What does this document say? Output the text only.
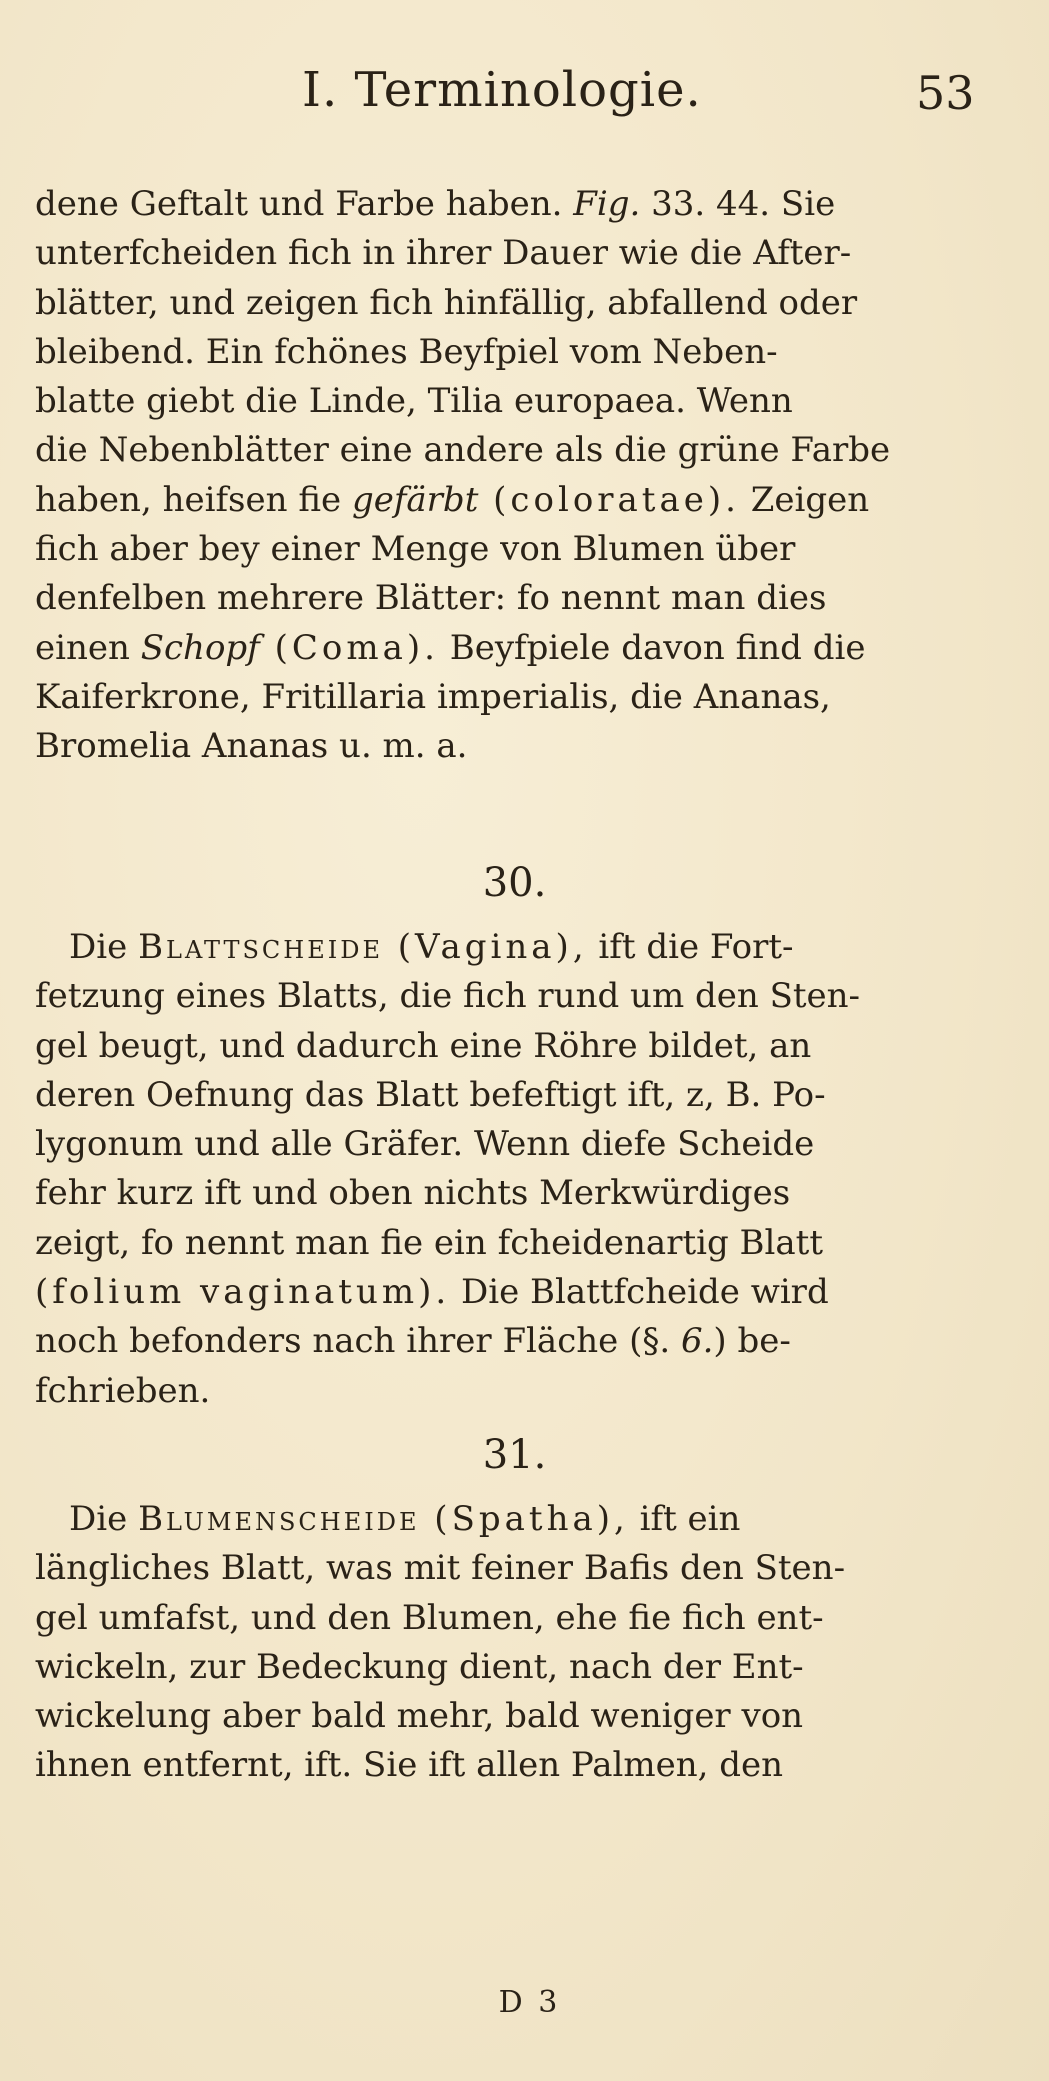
I. Terminologie.	53
dene Geftalt und Farbe haben. Fig. 33. 44. Sie
unterfcheiden fich in ihrer Dauer wie die After-
blätter, und zeigen fich hinfällig, abfallend oder
bleibend. Ein fchönes Beyfpiel vom Neben-
blatte giebt die Linde, Tilia europaea. Wenn
die Nebenblätter eine andere als die grüne Farbe
haben, heifsen fie gefärbt (coloratae). Zeigen
fich aber bey einer Menge von Blumen über
denfelben mehrere Blätter: fo nennt man dies
einen Schopf (Coma). Beyfpiele davon find die
Kaiferkrone, Fritillaria imperialis, die Ananas,
Bromelia Ananas u. m. a.
30.
Die Blattscheide (Vagina), ift die Fort-
fetzung eines Blatts, die fich rund um den Sten-
gel beugt, und dadurch eine Röhre bildet, an
deren Oefnung das Blatt befeftigt ift, z, B. Po-
lygonum und alle Gräfer. Wenn diefe Scheide
fehr kurz ift und oben nichts Merkwürdiges
zeigt, fo nennt man fie ein fcheidenartig Blatt
(folium vaginatum). Die Blattfcheide wird
noch befonders nach ihrer Fläche (§. 6.) be-
fchrieben.
31.
Die Blumenscheide (Spatha), ift ein
längliches Blatt, was mit feiner Bafis den Sten-
gel umfafst, und den Blumen, ehe fie fich ent-
wickeln, zur Bedeckung dient, nach der Ent-
wickelung aber bald mehr, bald weniger von
ihnen entfernt, ift. Sie ift allen Palmen, den
D 3
